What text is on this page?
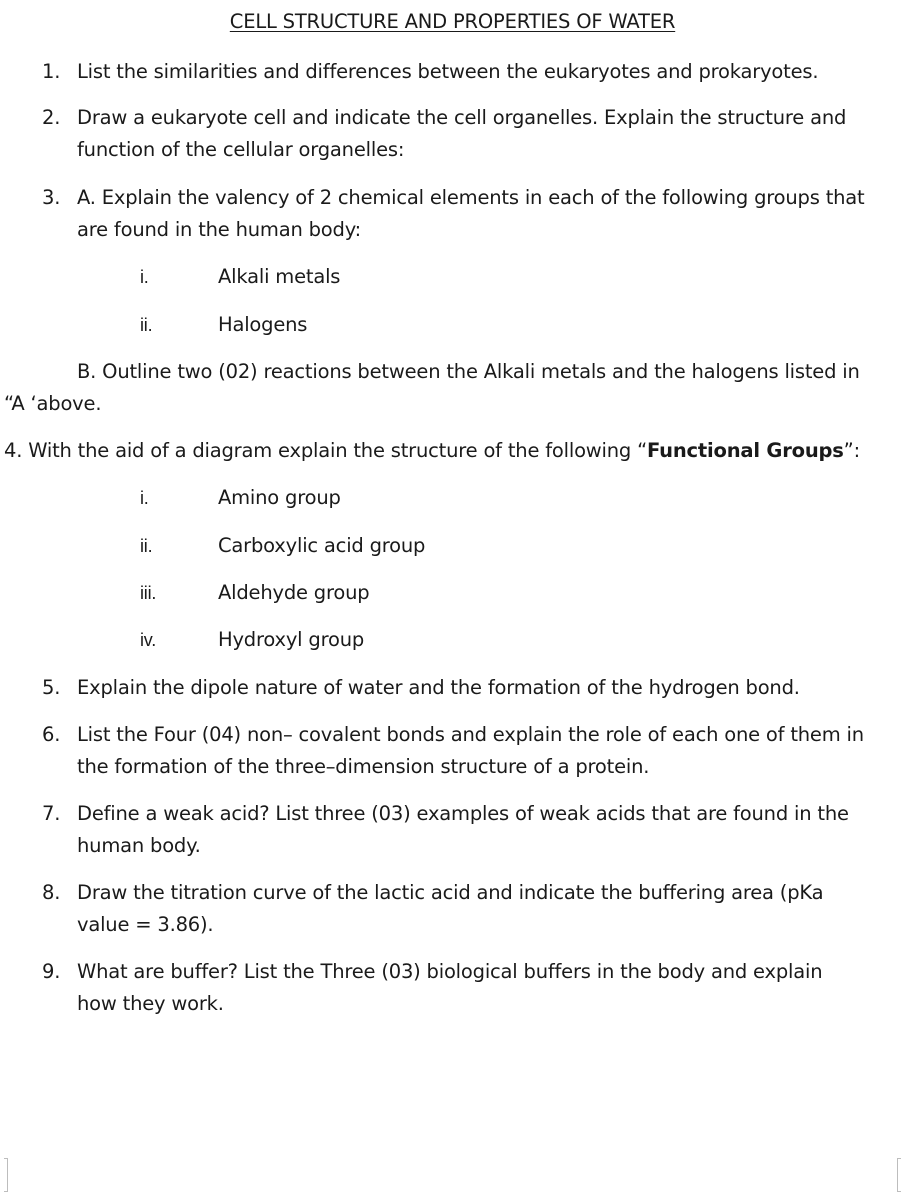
CELL STRUCTURE AND PROPERTIES OF WATER
1. List the similarities and differences between the eukaryotes and prokaryotes.
2. Draw a eukaryote cell and indicate the cell organelles. Explain the structure and
function of the cellular organelles:
3. A. Explain the valency of 2 chemical elements in each of the following groups that
are found in the human body:
i.	Alkali metals
ii.	Halogens
B. Outline two (02) reactions between the Alkali metals and the halogens listed in
“A ‘above.
4. With the aid of a diagram explain the structure of the following “Functional Groups”:
i.	Amino group
ii.	Carboxylic acid group
iii.	Aldehyde group
iv.	Hydroxyl group
5. Explain the dipole nature of water and the formation of the hydrogen bond.
6. List the Four (04) non– covalent bonds and explain the role of each one of them in
the formation of the three–dimension structure of a protein.
7. Define a weak acid? List three (03) examples of weak acids that are found in the
human body.
8. Draw the titration curve of the lactic acid and indicate the buffering area (pKa
value = 3.86).
9. What are buffer? List the Three (03) biological buffers in the body and explain
how they work.
